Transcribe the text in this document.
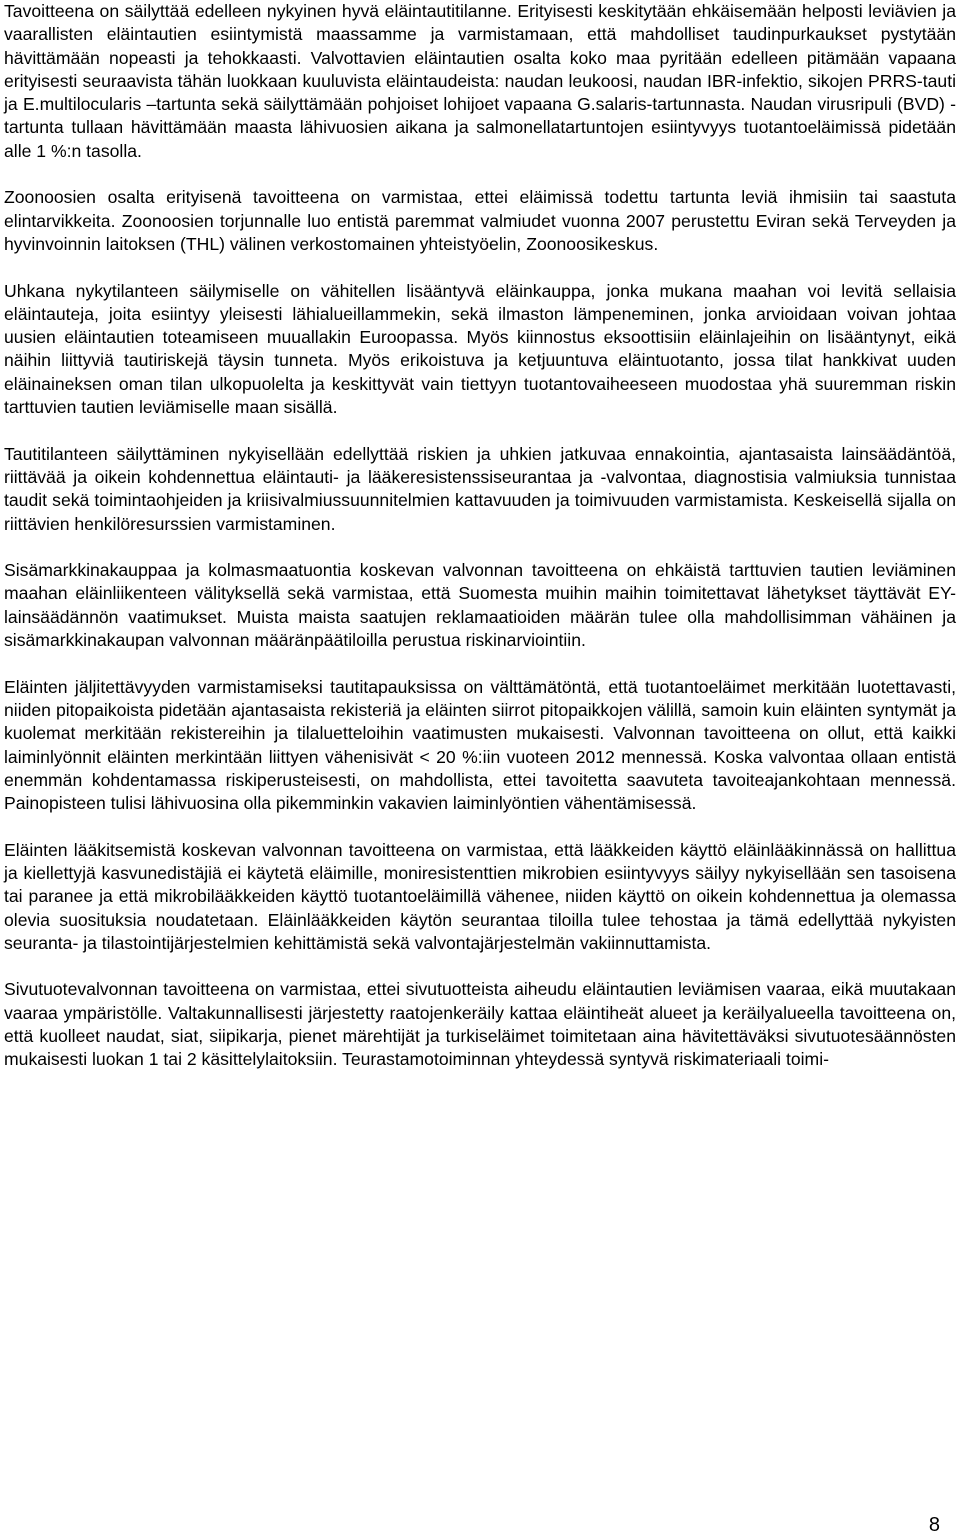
Tavoitteena on säilyttää edelleen nykyinen hyvä eläintautitilanne. Erityisesti keskitytään ehkäisemään helposti leviävien ja vaarallisten eläintautien esiintymistä maassamme ja varmistamaan, että mahdolliset taudinpurkaukset pystytään hävittämään nopeasti ja tehokkaasti. Valvottavien eläintautien osalta koko maa pyritään edelleen pitämään vapaana erityisesti seuraavista tähän luokkaan kuuluvista eläintaudeista: naudan leukoosi, naudan IBR-infektio, sikojen PRRS-tauti ja E.multilocularis –tartunta sekä säilyttämään pohjoiset lohijoet vapaana G.salaris-tartunnasta. Naudan virusripuli (BVD) -tartunta tullaan hävittämään maasta lähivuosien aikana ja salmonellatartuntojen esiintyvyys tuotantoeläimissä pidetään alle 1 %:n tasolla.

Zoonoosien osalta erityisenä tavoitteena on varmistaa, ettei eläimissä todettu tartunta leviä ihmisiin tai saastuta elintarvikkeita. Zoonoosien torjunnalle luo entistä paremmat valmiudet vuonna 2007 perustettu Eviran sekä Terveyden ja hyvinvoinnin laitoksen (THL) välinen verkostomainen yhteistyöelin, Zoonoosikeskus.

Uhkana nykytilanteen säilymiselle on vähitellen lisääntyvä eläinkauppa, jonka mukana maahan voi levitä sellaisia eläintauteja, joita esiintyy yleisesti lähialueillammekin, sekä ilmaston lämpeneminen, jonka arvioidaan voivan johtaa uusien eläintautien toteamiseen muuallakin Euroopassa. Myös kiinnostus eksoottisiin eläinlajeihin on lisääntynyt, eikä näihin liittyviä tautiriskejä täysin tunneta. Myös erikoistuva ja ketjuuntuva eläintuotanto, jossa tilat hankkivat uuden eläinaineksen oman tilan ulkopuolelta ja keskittyvät vain tiettyyn tuotantovaiheeseen muodostaa yhä suuremman riskin tarttuvien tautien leviämiselle maan sisällä.

Tautitilanteen säilyttäminen nykyisellään edellyttää riskien ja uhkien jatkuvaa ennakointia, ajantasaista lainsäädäntöä, riittävää ja oikein kohdennettua eläintauti- ja lääkeresistenssiseurantaa ja -valvontaa, diagnostisia valmiuksia tunnistaa taudit sekä toimintaohjeiden ja kriisivalmiussuunnitelmien kattavuuden ja toimivuuden varmistamista. Keskeisellä sijalla on riittävien henkilöresurssien varmistaminen.

Sisämarkkinakauppaa ja kolmasmaatuontia koskevan valvonnan tavoitteena on ehkäistä tarttuvien tautien leviäminen maahan eläinliikenteen välityksellä sekä varmistaa, että Suomesta muihin maihin toimitettavat lähetykset täyttävät EY-lainsäädännön vaatimukset. Muista maista saatujen reklamaatioiden määrän tulee olla mahdollisimman vähäinen ja sisämarkkinakaupan valvonnan määränpäätiloilla perustua riskinarviointiin.

Eläinten jäljitettävyyden varmistamiseksi tautitapauksissa on välttämätöntä, että tuotantoeläimet merkitään luotettavasti, niiden pitopaikoista pidetään ajantasaista rekisteriä ja eläinten siirrot pitopaikkojen välillä, samoin kuin eläinten syntymät ja kuolemat merkitään rekistereihin ja tilaluetteloihin vaatimusten mukaisesti. Valvonnan tavoitteena on ollut, että kaikki laiminlyönnit eläinten merkintään liittyen vähenisivät < 20 %:iin vuoteen 2012 mennessä. Koska valvontaa ollaan entistä enemmän kohdentamassa riskiperusteisesti, on mahdollista, ettei tavoitetta saavuteta tavoiteajankohtaan mennessä. Painopisteen tulisi lähivuosina olla pikemminkin vakavien laiminlyöntien vähentämisessä.

Eläinten lääkitsemistä koskevan valvonnan tavoitteena on varmistaa, että lääkkeiden käyttö eläinlääkinnässä on hallittua ja kiellettyjä kasvunedistäjiä ei käytetä eläimille, moniresistenttien mikrobien esiintyvyys säilyy nykyisellään sen tasoisena tai paranee ja että mikrobilääkkeiden käyttö tuotantoeläimillä vähenee, niiden käyttö on oikein kohdennettua ja olemassa olevia suosituksia noudatetaan. Eläinlääkkeiden käytön seurantaa tiloilla tulee tehostaa ja tämä edellyttää nykyisten seuranta- ja tilastointijärjestelmien kehittämistä sekä valvontajärjestelmän vakiinnuttamista.

Sivutuotevalvonnan tavoitteena on varmistaa, ettei sivutuotteista aiheudu eläintautien leviämisen vaaraa, eikä muutakaan vaaraa ympäristölle. Valtakunnallisesti järjestetty raatojenkeräily kattaa eläintiheät alueet ja keräilyalueella tavoitteena on, että kuolleet naudat, siat, siipikarja, pienet märehtijät ja turkiseläimet toimitetaan aina hävitettäväksi sivutuotesäännösten mukaisesti luokan 1 tai 2 käsittelylaitoksiin. Teurastamotoiminnan yhteydessä syntyvä riskimateriaali toimi-

8
